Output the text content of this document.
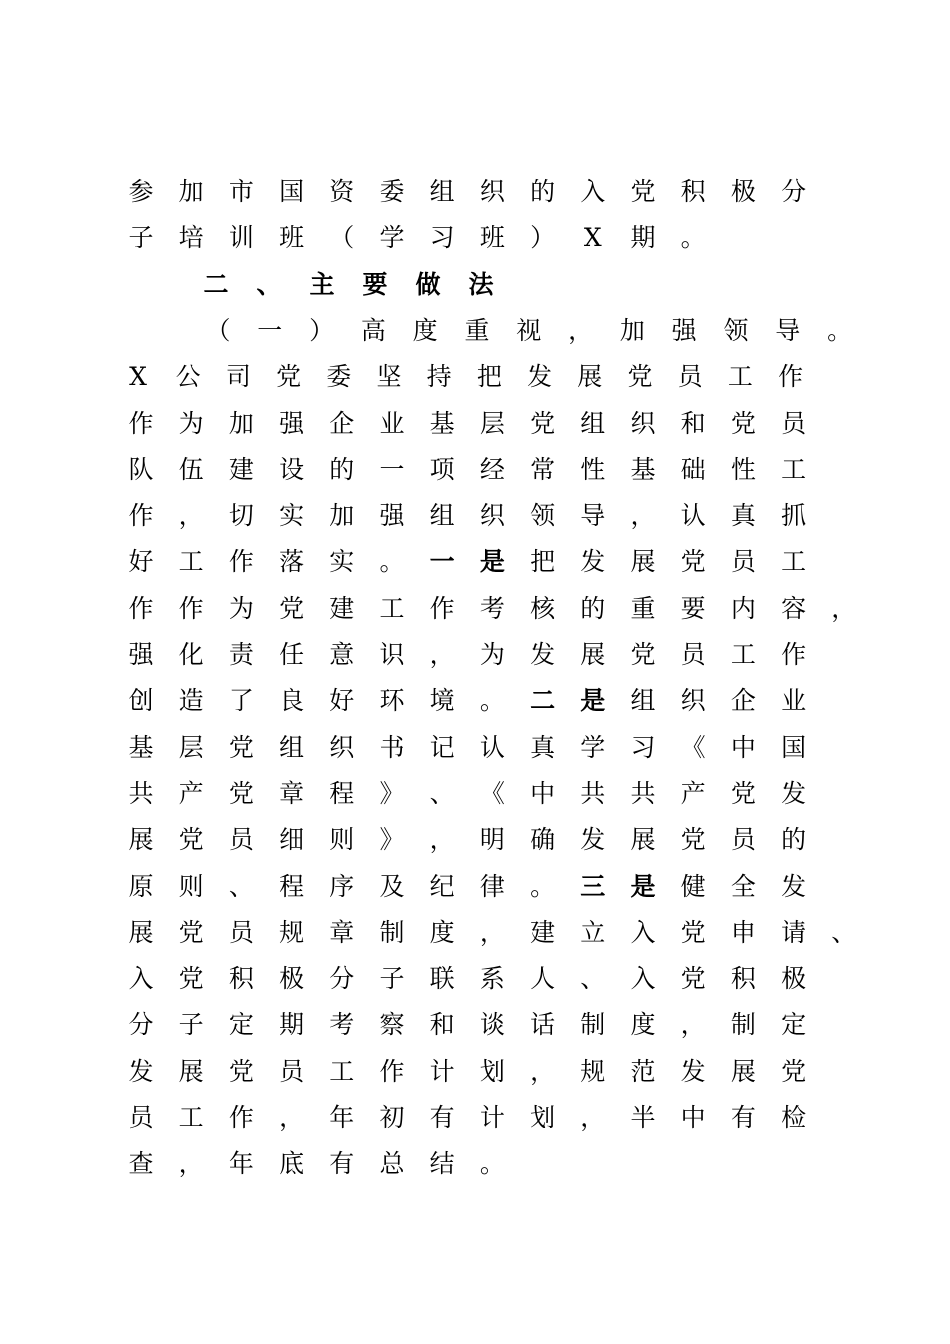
参	加	市	国	资	委	组	织	的	入	党	积	极	分
子	培	训	班	（	学	习	班	）	X	期	。
二	、	主	要	做	法
（	一	）	高	度	重	视	，	加	强	领	导	。
X	公	司	党	委	坚	持	把	发	展	党	员	工	作
作	为	加	强	企	业	基	层	党	组	织	和	党	员
队	伍	建	设	的	一	项	经	常	性	基	础	性	工
作	，	切	实	加	强	组	织	领	导	，	认	真	抓
好	工	作	落	实	。	一	是	把	发	展	党	员	工
作	作	为	党	建	工	作	考	核	的	重	要	内	容	，
强	化	责	任	意	识	，	为	发	展	党	员	工	作
创	造	了	良	好	环	境	。	二	是	组	织	企	业
基	层	党	组	织	书	记	认	真	学	习	《	中	国
共	产	党	章	程	》	、	《	中	共	共	产	党	发
展	党	员	细	则	》	，	明	确	发	展	党	员	的
原	则	、	程	序	及	纪	律	。	三	是	健	全	发
展	党	员	规	章	制	度	，	建	立	入	党	申	请	、
入	党	积	极	分	子	联	系	人	、	入	党	积	极
分	子	定	期	考	察	和	谈	话	制	度	，	制	定
发	展	党	员	工	作	计	划	，	规	范	发	展	党
员	工	作	，	年	初	有	计	划	，	半	中	有	检
查	，	年	底	有	总	结	。
